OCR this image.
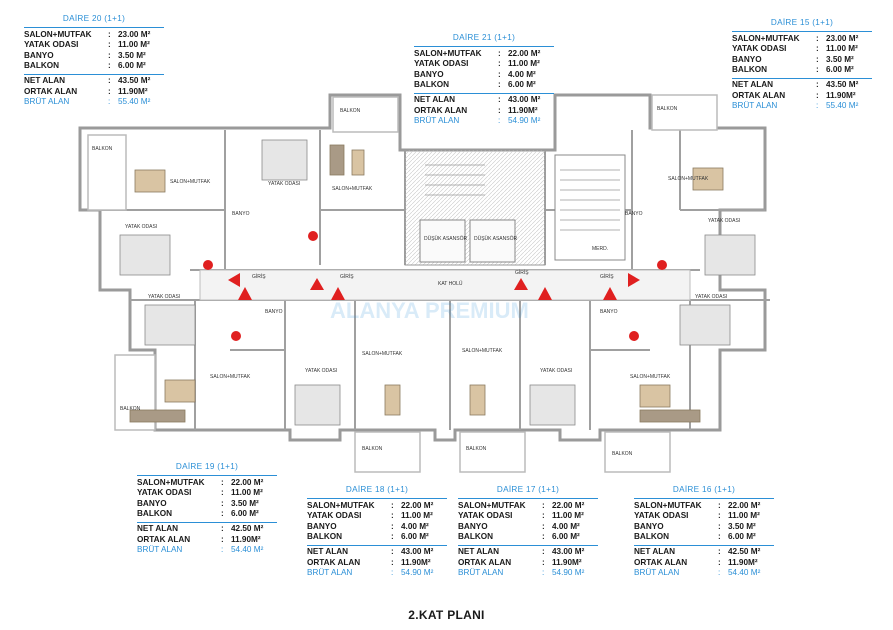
BALKON
BALKON
BALKON
BALKON
BALKON	BALKON
BALKON
SALON+MUTFAK
SALON+MUTFAK
SALON+MUTFAK
SALON+MUTFAK
SALON+MUTFAK	SALON+MUTFAK
SALON+MUTFAK
YATAK ODASI
YATAK ODASI
YATAK ODASI
YATAK ODASI	YATAK ODASI
YATAK ODASI	YATAK ODASI
BANYO	BANYO
BANYO	BANYO
KAT HOLÜ
GİRİŞ	GİRİŞ
GİRİŞ
GİRİŞ
DÜŞÜK ASANSÖR DÜŞÜK ASANSÖR
MERD.
ALANYA PREMIUM
DAİRE 20 (1+1)
SALON+MUTFAK	: 23.00 M²
YATAK ODASI	: 11.00 M²
BANYO	: 3.50 M²
BALKON	: 6.00 M²
NET ALAN	: 43.50 M²
ORTAK ALAN	: 11.90M²
BRÜT ALAN	: 55.40 M²
DAİRE 21 (1+1)
SALON+MUTFAK	: 22.00 M²
YATAK ODASI	: 11.00 M²
BANYO	: 4.00 M²
BALKON	: 6.00 M²
NET ALAN	: 43.00 M²
ORTAK ALAN	: 11.90M²
BRÜT ALAN	: 54.90 M²
DAİRE 15 (1+1)
SALON+MUTFAK	: 23.00 M²
YATAK ODASI	: 11.00 M²
BANYO	: 3.50 M²
BALKON	: 6.00 M²
NET ALAN	: 43.50 M²
ORTAK ALAN	: 11.90M²
BRÜT ALAN	: 55.40 M²
DAİRE 19 (1+1)
SALON+MUTFAK	: 22.00 M²
YATAK ODASI	: 11.00 M²
BANYO	: 3.50 M²
BALKON	: 6.00 M²
NET ALAN	: 42.50 M²
ORTAK ALAN	: 11.90M²
BRÜT ALAN	: 54.40 M²
DAİRE 18 (1+1)
SALON+MUTFAK	: 22.00 M²
YATAK ODASI	: 11.00 M²
BANYO	: 4.00 M²
BALKON	: 6.00 M²
NET ALAN	: 43.00 M²
ORTAK ALAN	: 11.90M²
BRÜT ALAN	: 54.90 M²
DAİRE 17 (1+1)
SALON+MUTFAK	: 22.00 M²
YATAK ODASI	: 11.00 M²
BANYO	: 4.00 M²
BALKON	: 6.00 M²
NET ALAN	: 43.00 M²
ORTAK ALAN	: 11.90M²
BRÜT ALAN	: 54.90 M²
DAİRE 16 (1+1)
SALON+MUTFAK	: 22.00 M²
YATAK ODASI	: 11.00 M²
BANYO	: 3.50 M²
BALKON	: 6.00 M²
NET ALAN	: 42.50 M²
ORTAK ALAN	: 11.90M²
BRÜT ALAN	: 54.40 M²
2.KAT PLANI
